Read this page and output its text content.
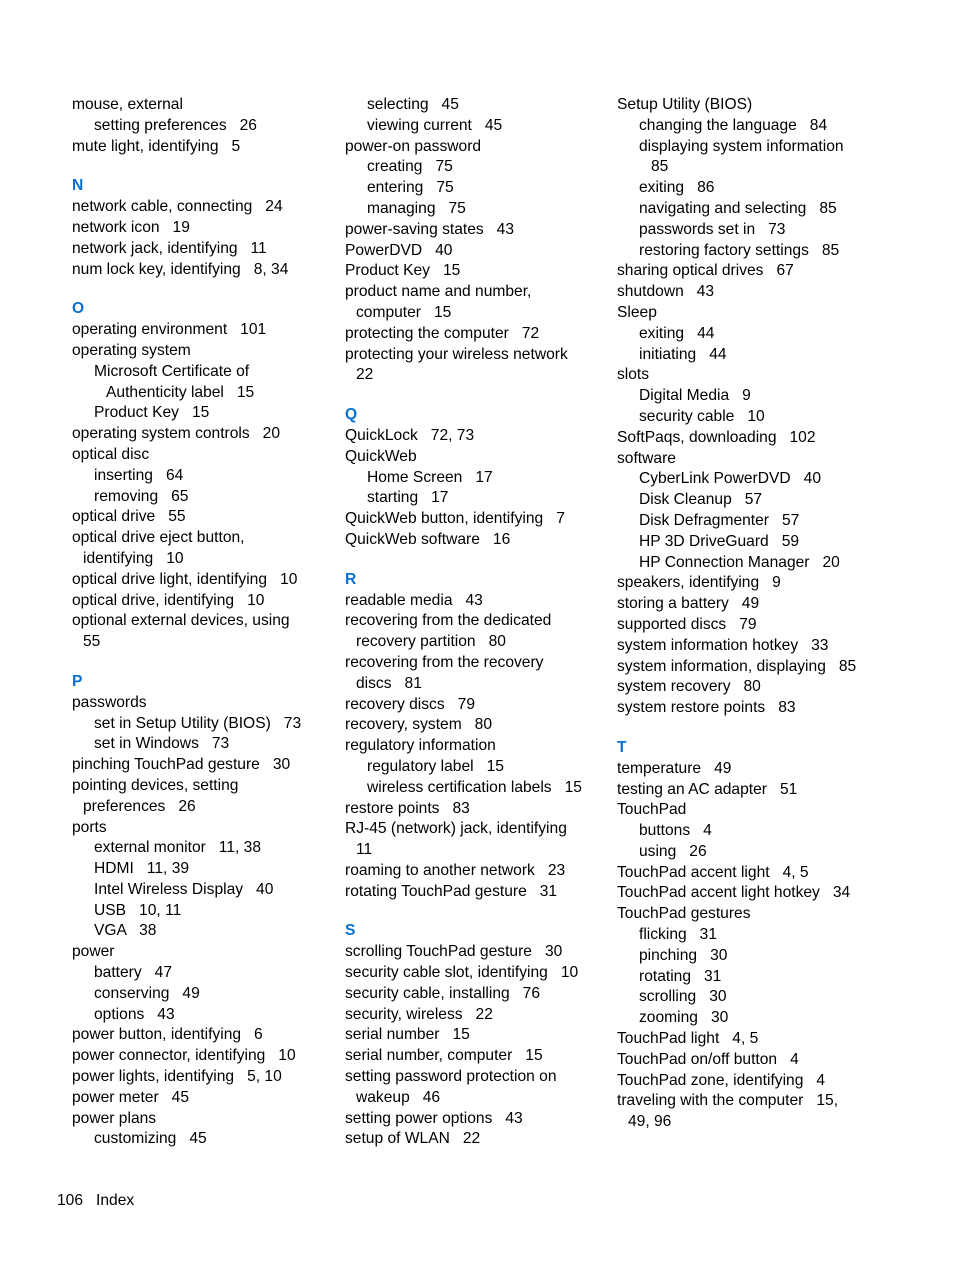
mouse, external
setting preferences   26
mute light, identifying   5
N
network cable, connecting   24
network icon   19
network jack, identifying   11
num lock key, identifying   8, 34
O
operating environment   101
operating system
Microsoft Certificate of
Authenticity label   15
Product Key   15
operating system controls   20
optical disc
inserting   64
removing   65
optical drive   55
optical drive eject button,
identifying   10
optical drive light, identifying   10
optical drive, identifying   10
optional external devices, using
55
P
passwords
set in Setup Utility (BIOS)   73
set in Windows   73
pinching TouchPad gesture   30
pointing devices, setting
preferences   26
ports
external monitor   11, 38
HDMI   11, 39
Intel Wireless Display   40
USB   10, 11
VGA   38
power
battery   47
conserving   49
options   43
power button, identifying   6
power connector, identifying   10
power lights, identifying   5, 10
power meter   45
power plans
customizing   45
selecting   45
viewing current   45
power-on password
creating   75
entering   75
managing   75
power-saving states   43
PowerDVD   40
Product Key   15
product name and number,
computer   15
protecting the computer   72
protecting your wireless network
22
Q
QuickLock   72, 73
QuickWeb
Home Screen   17
starting   17
QuickWeb button, identifying   7
QuickWeb software   16
R
readable media   43
recovering from the dedicated
recovery partition   80
recovering from the recovery
discs   81
recovery discs   79
recovery, system   80
regulatory information
regulatory label   15
wireless certification labels   15
restore points   83
RJ-45 (network) jack, identifying
11
roaming to another network   23
rotating TouchPad gesture   31
S
scrolling TouchPad gesture   30
security cable slot, identifying   10
security cable, installing   76
security, wireless   22
serial number   15
serial number, computer   15
setting password protection on
wakeup   46
setting power options   43
setup of WLAN   22
Setup Utility (BIOS)
changing the language   84
displaying system information
85
exiting   86
navigating and selecting   85
passwords set in   73
restoring factory settings   85
sharing optical drives   67
shutdown   43
Sleep
exiting   44
initiating   44
slots
Digital Media   9
security cable   10
SoftPaqs, downloading   102
software
CyberLink PowerDVD   40
Disk Cleanup   57
Disk Defragmenter   57
HP 3D DriveGuard   59
HP Connection Manager   20
speakers, identifying   9
storing a battery   49
supported discs   79
system information hotkey   33
system information, displaying   85
system recovery   80
system restore points   83
T
temperature   49
testing an AC adapter   51
TouchPad
buttons   4
using   26
TouchPad accent light   4, 5
TouchPad accent light hotkey   34
TouchPad gestures
flicking   31
pinching   30
rotating   31
scrolling   30
zooming   30
TouchPad light   4, 5
TouchPad on/off button   4
TouchPad zone, identifying   4
traveling with the computer   15,
49, 96
106 Index
